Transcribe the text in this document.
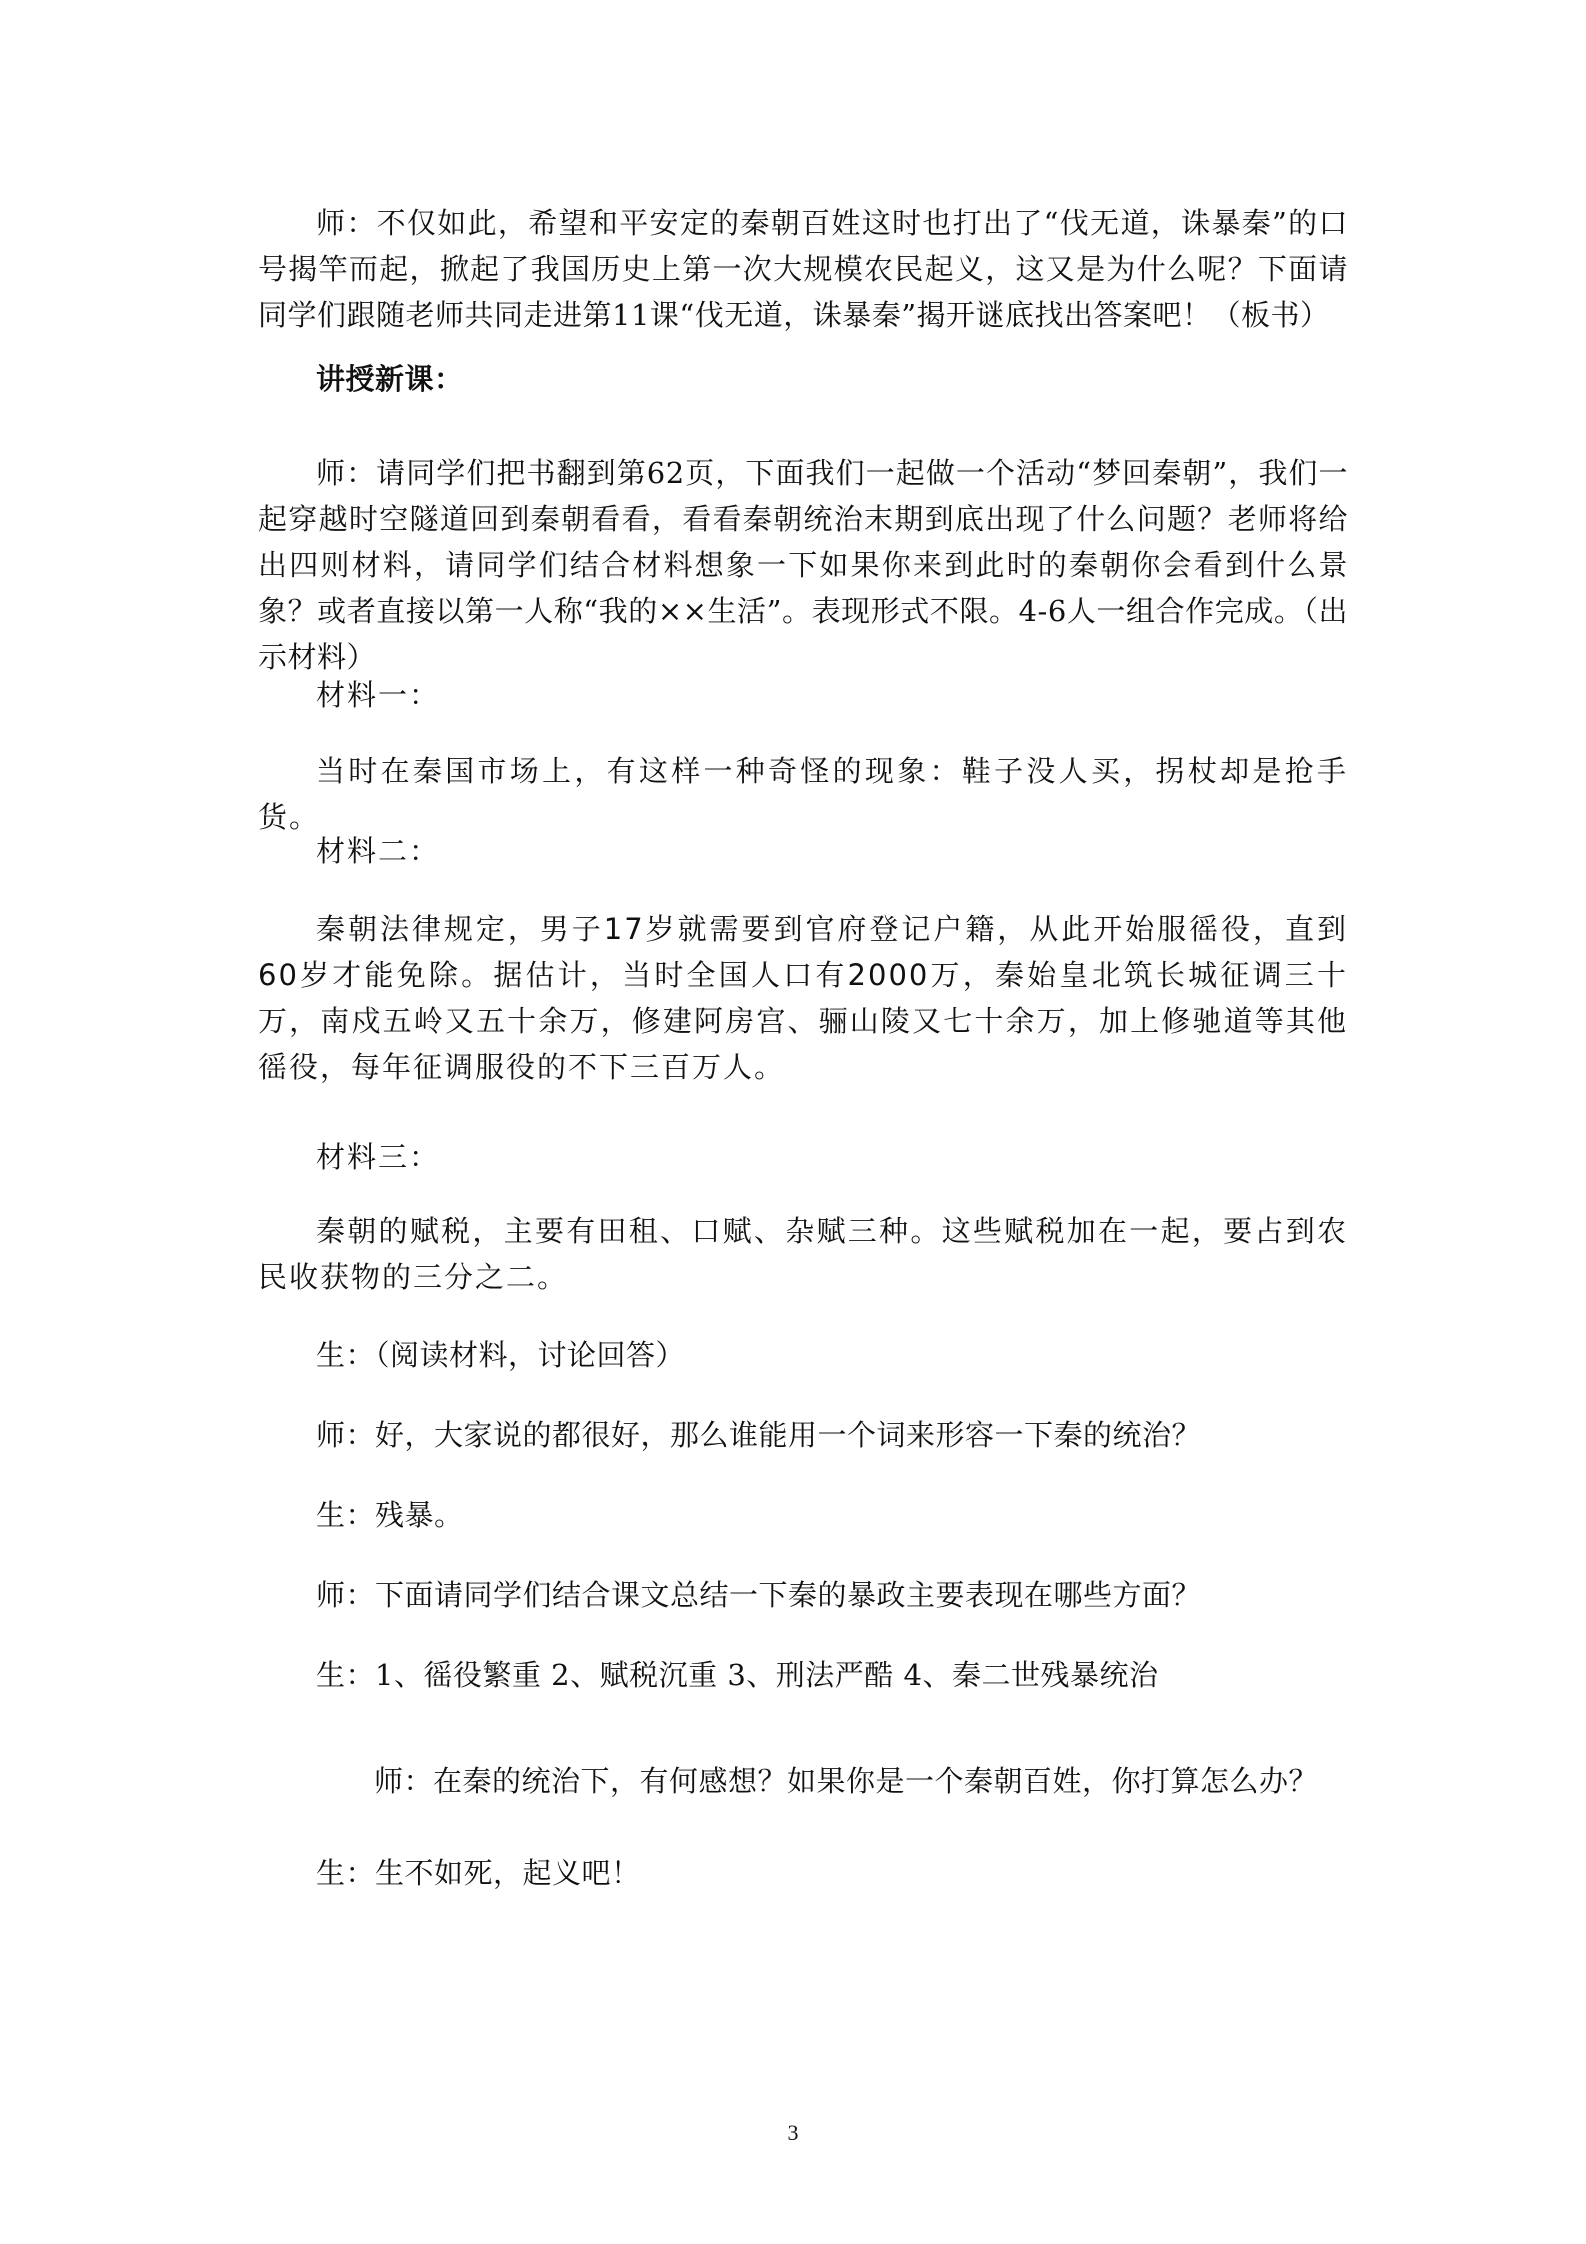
师：不仅如此，希望和平安定的秦朝百姓这时也打出了“伐无道，诛暴秦”的口号揭竿而起，掀起了我国历史上第一次大规模农民起义，这又是为什么呢？下面请同学们跟随老师共同走进第11课“伐无道，诛暴秦”揭开谜底找出答案吧！（板书）

讲授新课：

师：请同学们把书翻到第62页，下面我们一起做一个活动“梦回秦朝”，我们一起穿越时空隧道回到秦朝看看，看看秦朝统治末期到底出现了什么问题？老师将给出四则材料，请同学们结合材料想象一下如果你来到此时的秦朝你会看到什么景象？或者直接以第一人称“我的××生活”。表现形式不限。4-6人一组合作完成。（出示材料）

材料一：

当时在秦国市场上，有这样一种奇怪的现象：鞋子没人买，拐杖却是抢手货。

材料二：

秦朝法律规定，男子17岁就需要到官府登记户籍，从此开始服徭役，直到60岁才能免除。据估计，当时全国人口有2000万，秦始皇北筑长城征调三十万，南戍五岭又五十余万，修建阿房宫、骊山陵又七十余万，加上修驰道等其他徭役，每年征调服役的不下三百万人。

材料三：

秦朝的赋税，主要有田租、口赋、杂赋三种。这些赋税加在一起，要占到农民收获物的三分之二。

生：（阅读材料，讨论回答）

师：好，大家说的都很好，那么谁能用一个词来形容一下秦的统治？

生：残暴。

师：下面请同学们结合课文总结一下秦的暴政主要表现在哪些方面？

生：1、徭役繁重 2、赋税沉重 3、刑法严酷 4、秦二世残暴统治

师：在秦的统治下，有何感想？如果你是一个秦朝百姓，你打算怎么办？

生：生不如死，起义吧！

3
